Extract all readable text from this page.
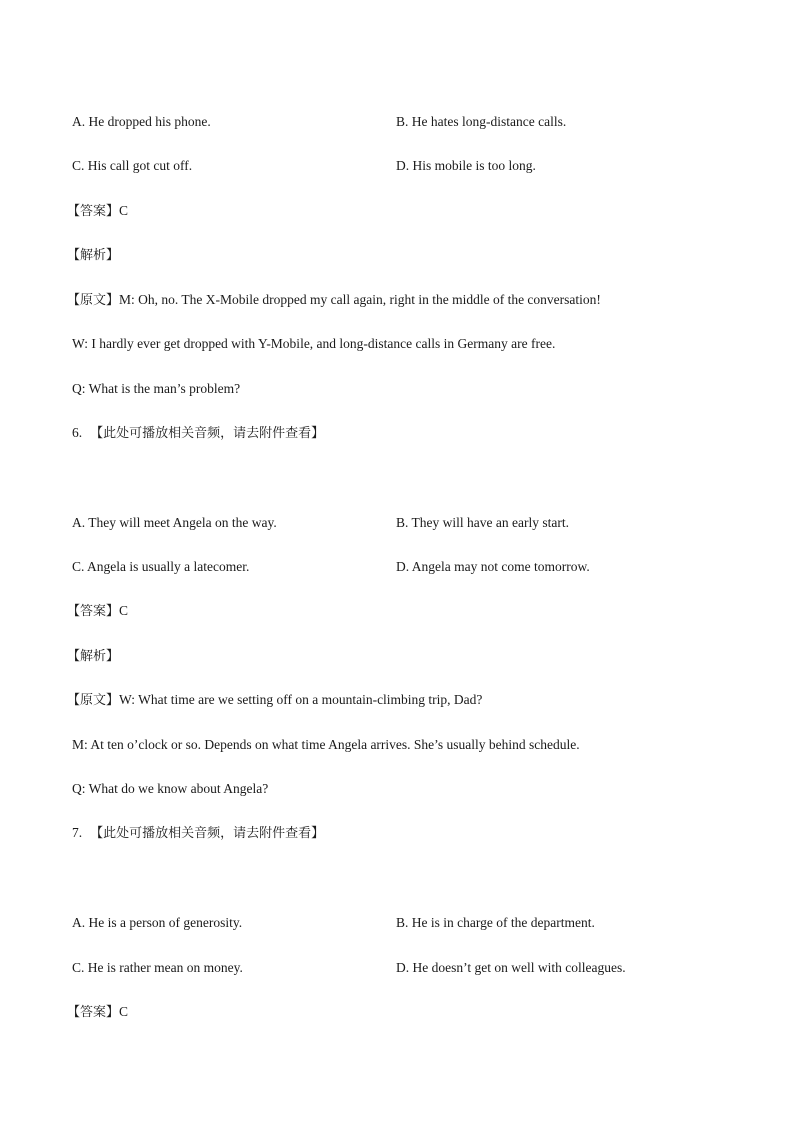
A. He dropped his phone.	B. He hates long-distance calls.
C. His call got cut off.	D. His mobile is too long.
【答案】C
【解析】
【原文】M: Oh, no. The X-Mobile dropped my call again, right in the middle of the conversation!
W: I hardly ever get dropped with Y-Mobile, and long-distance calls in Germany are free.
Q: What is the man’s problem?
6. 【此处可播放相关音频，请去附件查看】
A. They will meet Angela on the way.	B. They will have an early start.
C. Angela is usually a latecomer.	D. Angela may not come tomorrow.
【答案】C
【解析】
【原文】W: What time are we setting off on a mountain-climbing trip, Dad?
M: At ten o’clock or so. Depends on what time Angela arrives. She’s usually behind schedule.
Q: What do we know about Angela?
7. 【此处可播放相关音频，请去附件查看】
A. He is a person of generosity.	B. He is in charge of the department.
C. He is rather mean on money.	D. He doesn’t get on well with colleagues.
【答案】C
